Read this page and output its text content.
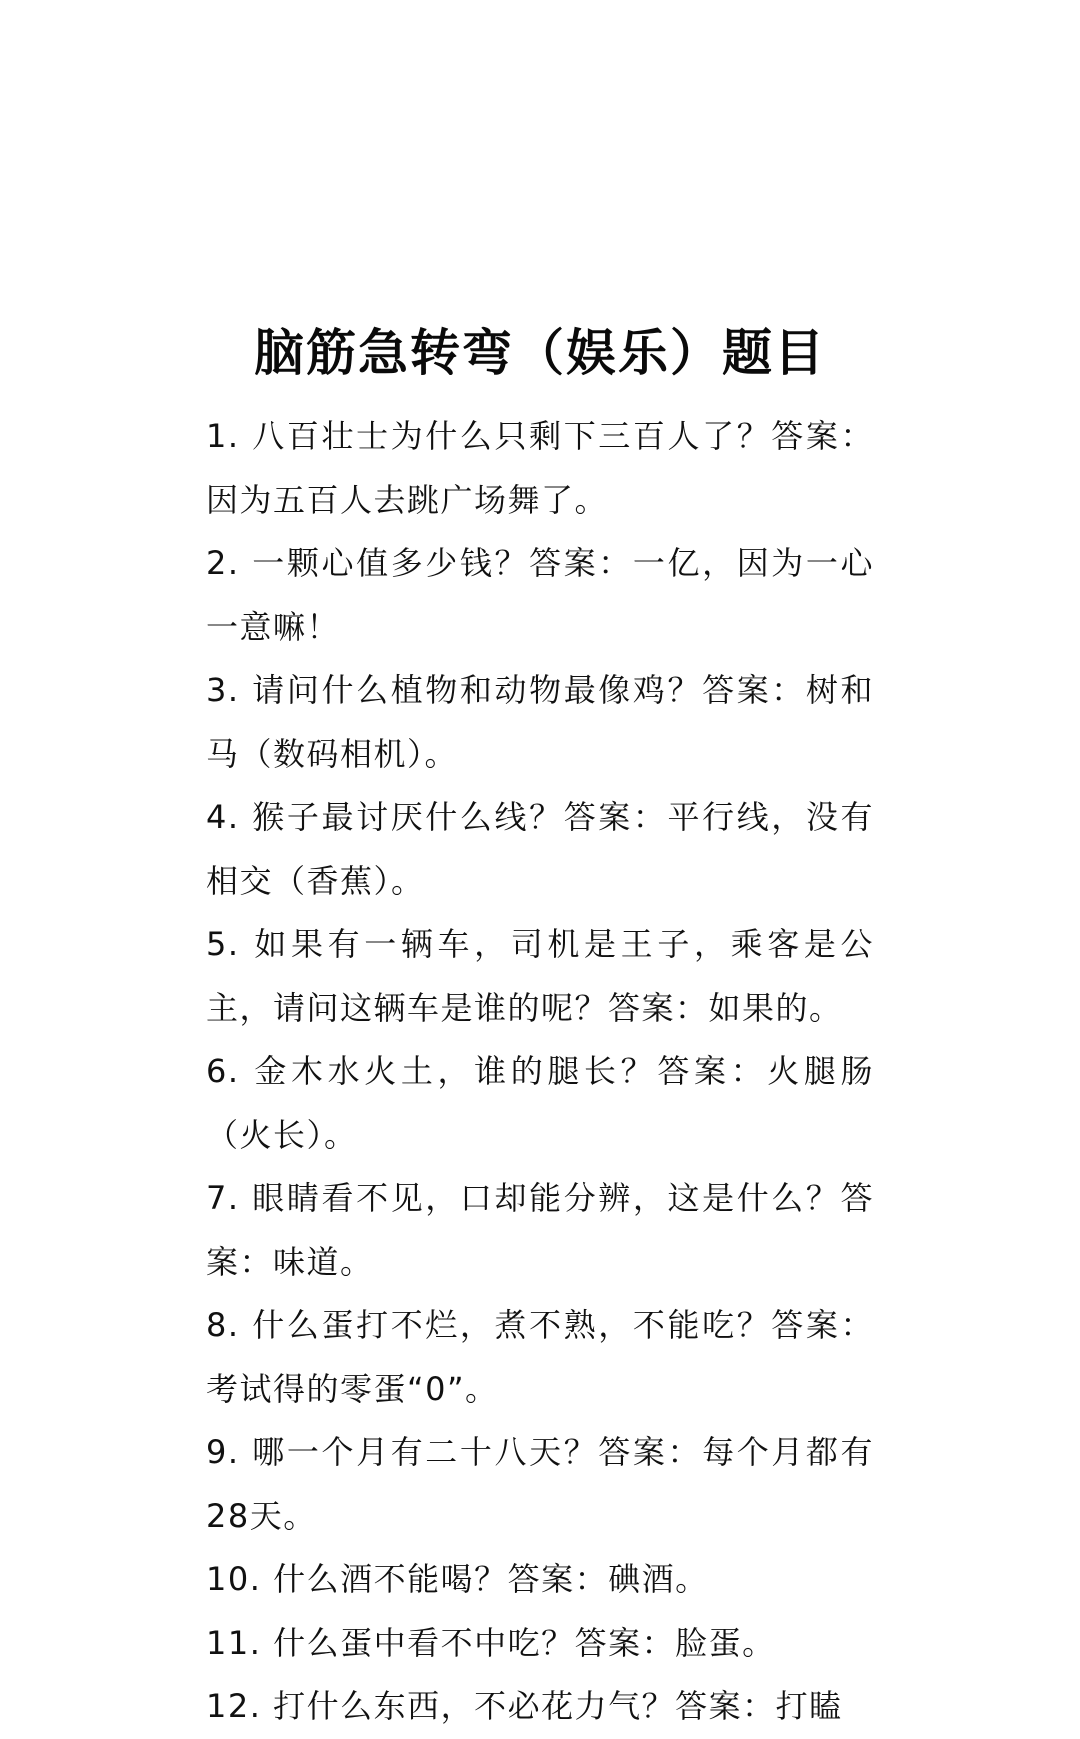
脑筋急转弯（娱乐）题目
1. 八百壮士为什么只剩下三百人了？答案：因为五百人去跳广场舞了。
2. 一颗心值多少钱？答案：一亿，因为一心一意嘛！
3. 请问什么植物和动物最像鸡？答案：树和马（数码相机）。
4. 猴子最讨厌什么线？答案：平行线，没有相交（香蕉）。
5. 如果有一辆车，司机是王子，乘客是公主，请问这辆车是谁的呢？答案：如果的。
6. 金木水火土，谁的腿长？答案：火腿肠（火长）。
7. 眼睛看不见，口却能分辨，这是什么？答案：味道。
8. 什么蛋打不烂，煮不熟，不能吃？答案：考试得的零蛋“0”。
9. 哪一个月有二十八天？答案：每个月都有28天。
10. 什么酒不能喝？答案：碘酒。
11. 什么蛋中看不中吃？答案：脸蛋。
12. 打什么东西，不必花力气？答案：打瞌
